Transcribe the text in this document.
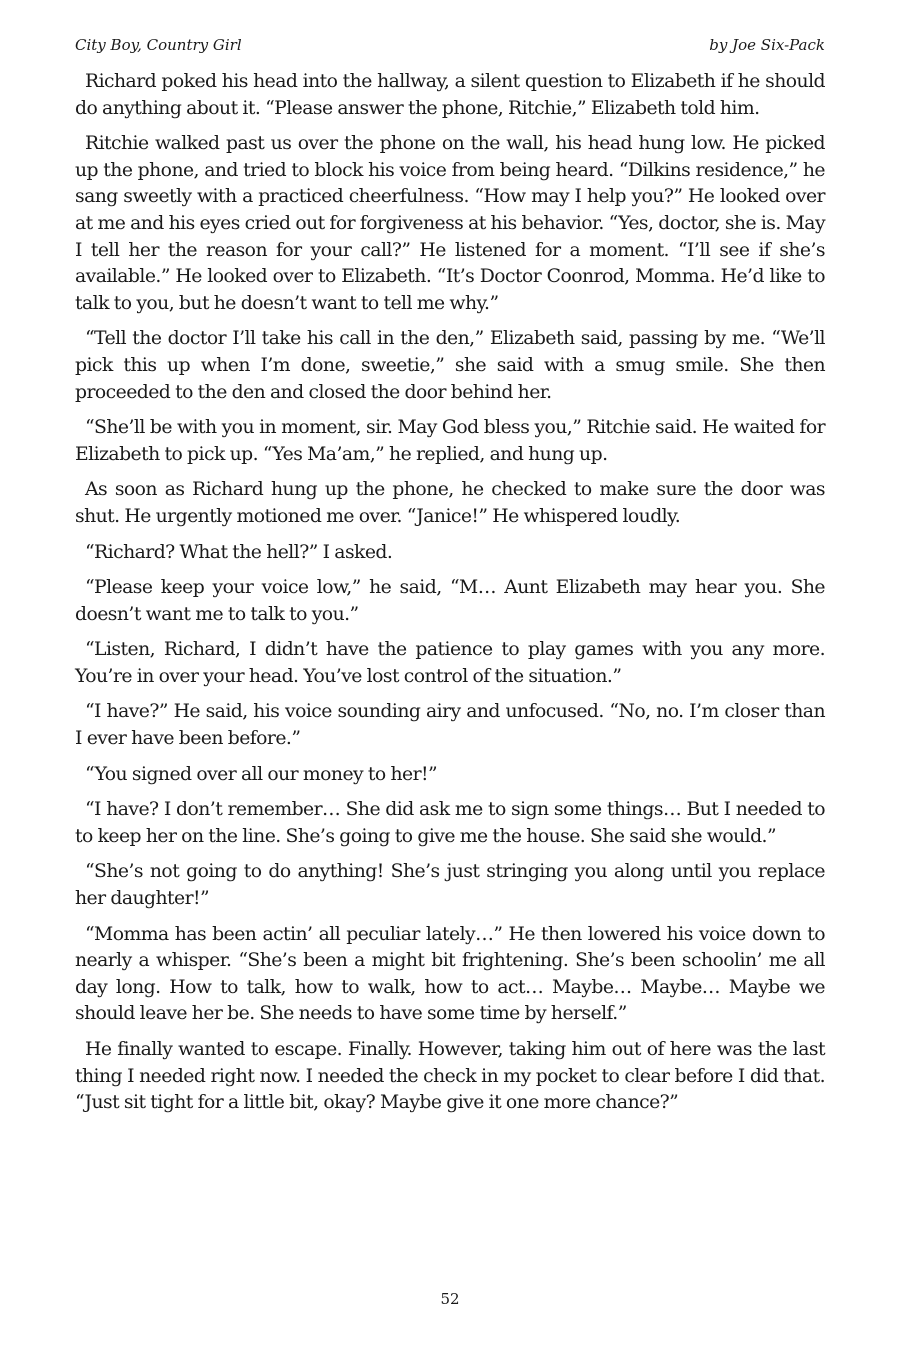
City Boy, Country Girl	by Joe Six-Pack

Richard poked his head into the hallway, a silent question to Elizabeth if he should do anything about it. “Please answer the phone, Ritchie,” Elizabeth told him.

Ritchie walked past us over the phone on the wall, his head hung low. He picked up the phone, and tried to block his voice from being heard. “Dilkins residence,” he sang sweetly with a practiced cheerfulness. “How may I help you?” He looked over at me and his eyes cried out for forgiveness at his behavior. “Yes, doctor, she is. May I tell her the reason for your call?” He listened for a moment. “I’ll see if she’s available.” He looked over to Elizabeth. “It’s Doctor Coonrod, Momma. He’d like to talk to you, but he doesn’t want to tell me why.”

“Tell the doctor I’ll take his call in the den,” Elizabeth said, passing by me. “We’ll pick this up when I’m done, sweetie,” she said with a smug smile. She then proceeded to the den and closed the door behind her.

“She’ll be with you in moment, sir. May God bless you,” Ritchie said. He waited for Elizabeth to pick up. “Yes Ma’am,” he replied, and hung up.

As soon as Richard hung up the phone, he checked to make sure the door was shut. He urgently motioned me over. “Janice!” He whispered loudly.

“Richard? What the hell?” I asked.

“Please keep your voice low,” he said, “M… Aunt Elizabeth may hear you. She doesn’t want me to talk to you.”

“Listen, Richard, I didn’t have the patience to play games with you any more. You’re in over your head. You’ve lost control of the situation.”

“I have?” He said, his voice sounding airy and unfocused. “No, no. I’m closer than I ever have been before.”

“You signed over all our money to her!”

“I have? I don’t remember… She did ask me to sign some things… But I needed to to keep her on the line. She’s going to give me the house. She said she would.”

“She’s not going to do anything! She’s just stringing you along until you replace her daughter!”

“Momma has been actin’ all peculiar lately…” He then lowered his voice down to nearly a whisper. “She’s been a might bit frightening. She’s been schoolin’ me all day long. How to talk, how to walk, how to act… Maybe… Maybe… Maybe we should leave her be. She needs to have some time by herself.”

He finally wanted to escape. Finally. However, taking him out of here was the last thing I needed right now. I needed the check in my pocket to clear before I did that. “Just sit tight for a little bit, okay? Maybe give it one more chance?”

52
